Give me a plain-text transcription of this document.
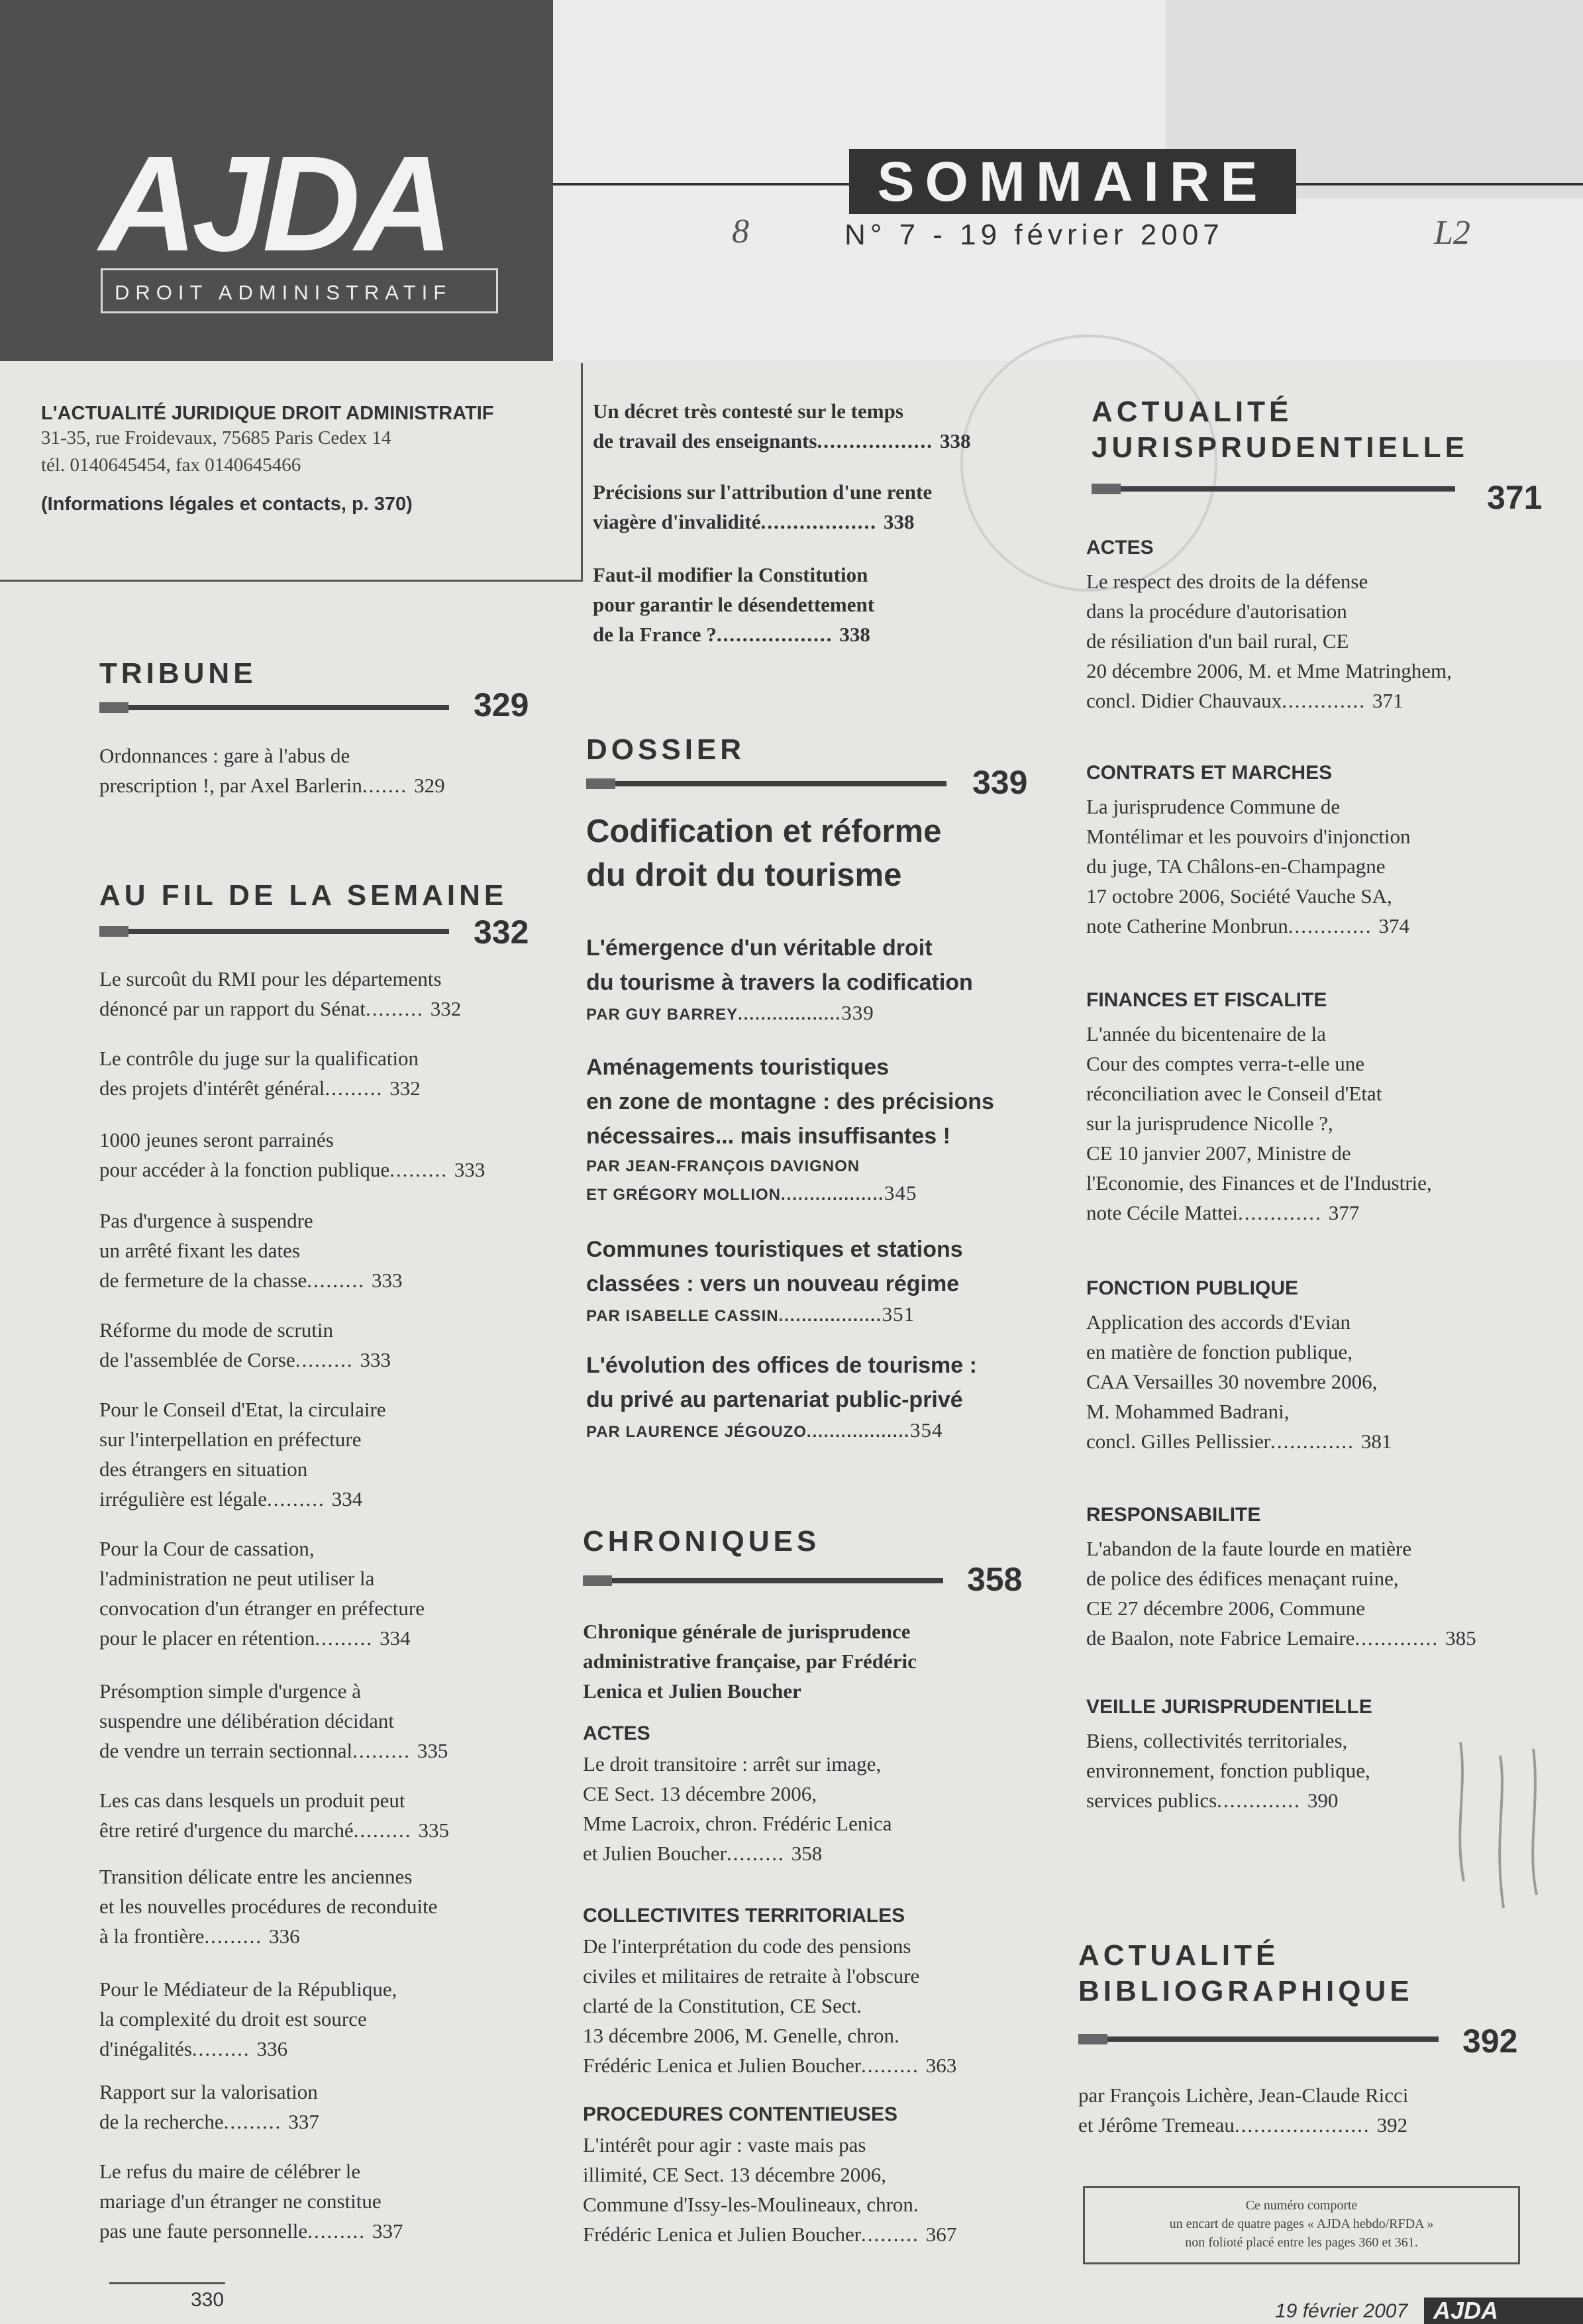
AJDA
DROIT ADMINISTRATIF
SOMMAIRE
N° 7 - 19 février 2007
8	L2
L'ACTUALITÉ JURIDIQUE DROIT ADMINISTRATIF
31-35, rue Froidevaux, 75685 Paris Cedex 14
tél. 0140645454, fax 0140645466
(Informations légales et contacts, p. 370)
TRIBUNE
329
Ordonnances : gare à l'abus de
prescription !, par Axel Barlerin....... 329
AU FIL DE LA SEMAINE
332
Le surcoût du RMI pour les départements
dénoncé par un rapport du Sénat......... 332
Le contrôle du juge sur la qualification
des projets d'intérêt général......... 332
1000 jeunes seront parrainés
pour accéder à la fonction publique......... 333
Pas d'urgence à suspendre
un arrêté fixant les dates
de fermeture de la chasse......... 333
Réforme du mode de scrutin
de l'assemblée de Corse......... 333
Pour le Conseil d'Etat, la circulaire
sur l'interpellation en préfecture
des étrangers en situation
irrégulière est légale......... 334
Pour la Cour de cassation,
l'administration ne peut utiliser la
convocation d'un étranger en préfecture
pour le placer en rétention......... 334
Présomption simple d'urgence à
suspendre une délibération décidant
de vendre un terrain sectionnal......... 335
Les cas dans lesquels un produit peut
être retiré d'urgence du marché......... 335
Transition délicate entre les anciennes
et les nouvelles procédures de reconduite
à la frontière......... 336
Pour le Médiateur de la République,
la complexité du droit est source
d'inégalités......... 336
Rapport sur la valorisation
de la recherche......... 337
Le refus du maire de célébrer le
mariage d'un étranger ne constitue
pas une faute personnelle......... 337
Un décret très contesté sur le temps
de travail des enseignants.................. 338
Précisions sur l'attribution d'une rente
viagère d'invalidité.................. 338
Faut-il modifier la Constitution
pour garantir le désendettement
de la France ?.................. 338
DOSSIER
339
Codification et réforme
du droit du tourisme
L'émergence d'un véritable droit
du tourisme à travers la codification
PAR GUY BARREY..................339
Aménagements touristiques
en zone de montagne : des précisions
nécessaires... mais insuffisantes !
PAR JEAN-FRANÇOIS DAVIGNON
ET GRÉGORY MOLLION..................345
Communes touristiques et stations
classées : vers un nouveau régime
PAR ISABELLE CASSIN..................351
L'évolution des offices de tourisme :
du privé au partenariat public-privé
PAR LAURENCE JÉGOUZO..................354
CHRONIQUES
358
Chronique générale de jurisprudence
administrative française, par Frédéric
Lenica et Julien Boucher
ACTES
Le droit transitoire : arrêt sur image,
CE Sect. 13 décembre 2006,
Mme Lacroix, chron. Frédéric Lenica
et Julien Boucher......... 358
COLLECTIVITES TERRITORIALES
De l'interprétation du code des pensions
civiles et militaires de retraite à l'obscure
clarté de la Constitution, CE Sect.
13 décembre 2006, M. Genelle, chron.
Frédéric Lenica et Julien Boucher......... 363
PROCEDURES CONTENTIEUSES
L'intérêt pour agir : vaste mais pas
illimité, CE Sect. 13 décembre 2006,
Commune d'Issy-les-Moulineaux, chron.
Frédéric Lenica et Julien Boucher......... 367
ACTUALITÉ
JURISPRUDENTIELLE
371
ACTES
Le respect des droits de la défense
dans la procédure d'autorisation
de résiliation d'un bail rural, CE
20 décembre 2006, M. et Mme Matringhem,
concl. Didier Chauvaux............. 371
CONTRATS ET MARCHES
La jurisprudence Commune de
Montélimar et les pouvoirs d'injonction
du juge, TA Châlons-en-Champagne
17 octobre 2006, Société Vauche SA,
note Catherine Monbrun............. 374
FINANCES ET FISCALITE
L'année du bicentenaire de la
Cour des comptes verra-t-elle une
réconciliation avec le Conseil d'Etat
sur la jurisprudence Nicolle ?,
CE 10 janvier 2007, Ministre de
l'Economie, des Finances et de l'Industrie,
note Cécile Mattei............. 377
FONCTION PUBLIQUE
Application des accords d'Evian
en matière de fonction publique,
CAA Versailles 30 novembre 2006,
M. Mohammed Badrani,
concl. Gilles Pellissier............. 381
RESPONSABILITE
L'abandon de la faute lourde en matière
de police des édifices menaçant ruine,
CE 27 décembre 2006, Commune
de Baalon, note Fabrice Lemaire............. 385
VEILLE JURISPRUDENTIELLE
Biens, collectivités territoriales,
environnement, fonction publique,
services publics............. 390
ACTUALITÉ
BIBLIOGRAPHIQUE
392
par François Lichère, Jean-Claude Ricci
et Jérôme Tremeau..................... 392
Ce numéro comporte
un encart de quatre pages « AJDA hebdo/RFDA »
non folioté placé entre les pages 360 et 361.
330
19 février 2007	AJDA
